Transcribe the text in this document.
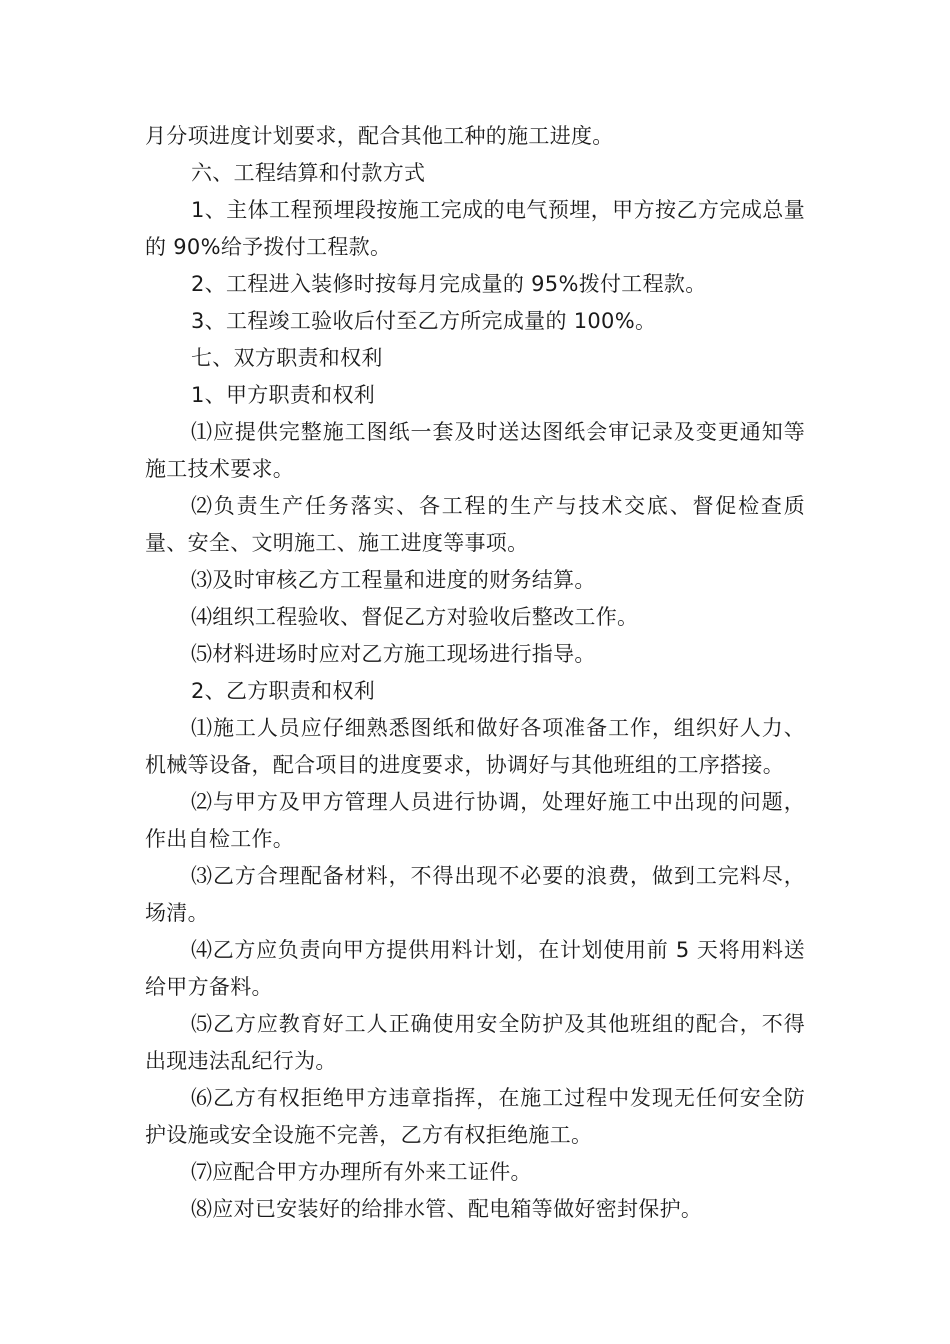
月分项进度计划要求，配合其他工种的施工进度。

六、工程结算和付款方式

1、主体工程预埋段按施工完成的电气预埋，甲方按乙方完成总量的 90%给予拨付工程款。

2、工程进入装修时按每月完成量的 95%拨付工程款。

3、工程竣工验收后付至乙方所完成量的 100%。

七、双方职责和权利

1、甲方职责和权利

⑴应提供完整施工图纸一套及时送达图纸会审记录及变更通知等施工技术要求。

⑵负责生产任务落实、各工程的生产与技术交底、督促检查质量、安全、文明施工、施工进度等事项。

⑶及时审核乙方工程量和进度的财务结算。

⑷组织工程验收、督促乙方对验收后整改工作。

⑸材料进场时应对乙方施工现场进行指导。

2、乙方职责和权利

⑴施工人员应仔细熟悉图纸和做好各项准备工作，组织好人力、机械等设备，配合项目的进度要求，协调好与其他班组的工序搭接。

⑵与甲方及甲方管理人员进行协调，处理好施工中出现的问题，作出自检工作。

⑶乙方合理配备材料，不得出现不必要的浪费，做到工完料尽，场清。

⑷乙方应负责向甲方提供用料计划，在计划使用前 5 天将用料送给甲方备料。

⑸乙方应教育好工人正确使用安全防护及其他班组的配合，不得出现违法乱纪行为。

⑹乙方有权拒绝甲方违章指挥，在施工过程中发现无任何安全防护设施或安全设施不完善，乙方有权拒绝施工。

⑺应配合甲方办理所有外来工证件。

⑻应对已安装好的给排水管、配电箱等做好密封保护。
